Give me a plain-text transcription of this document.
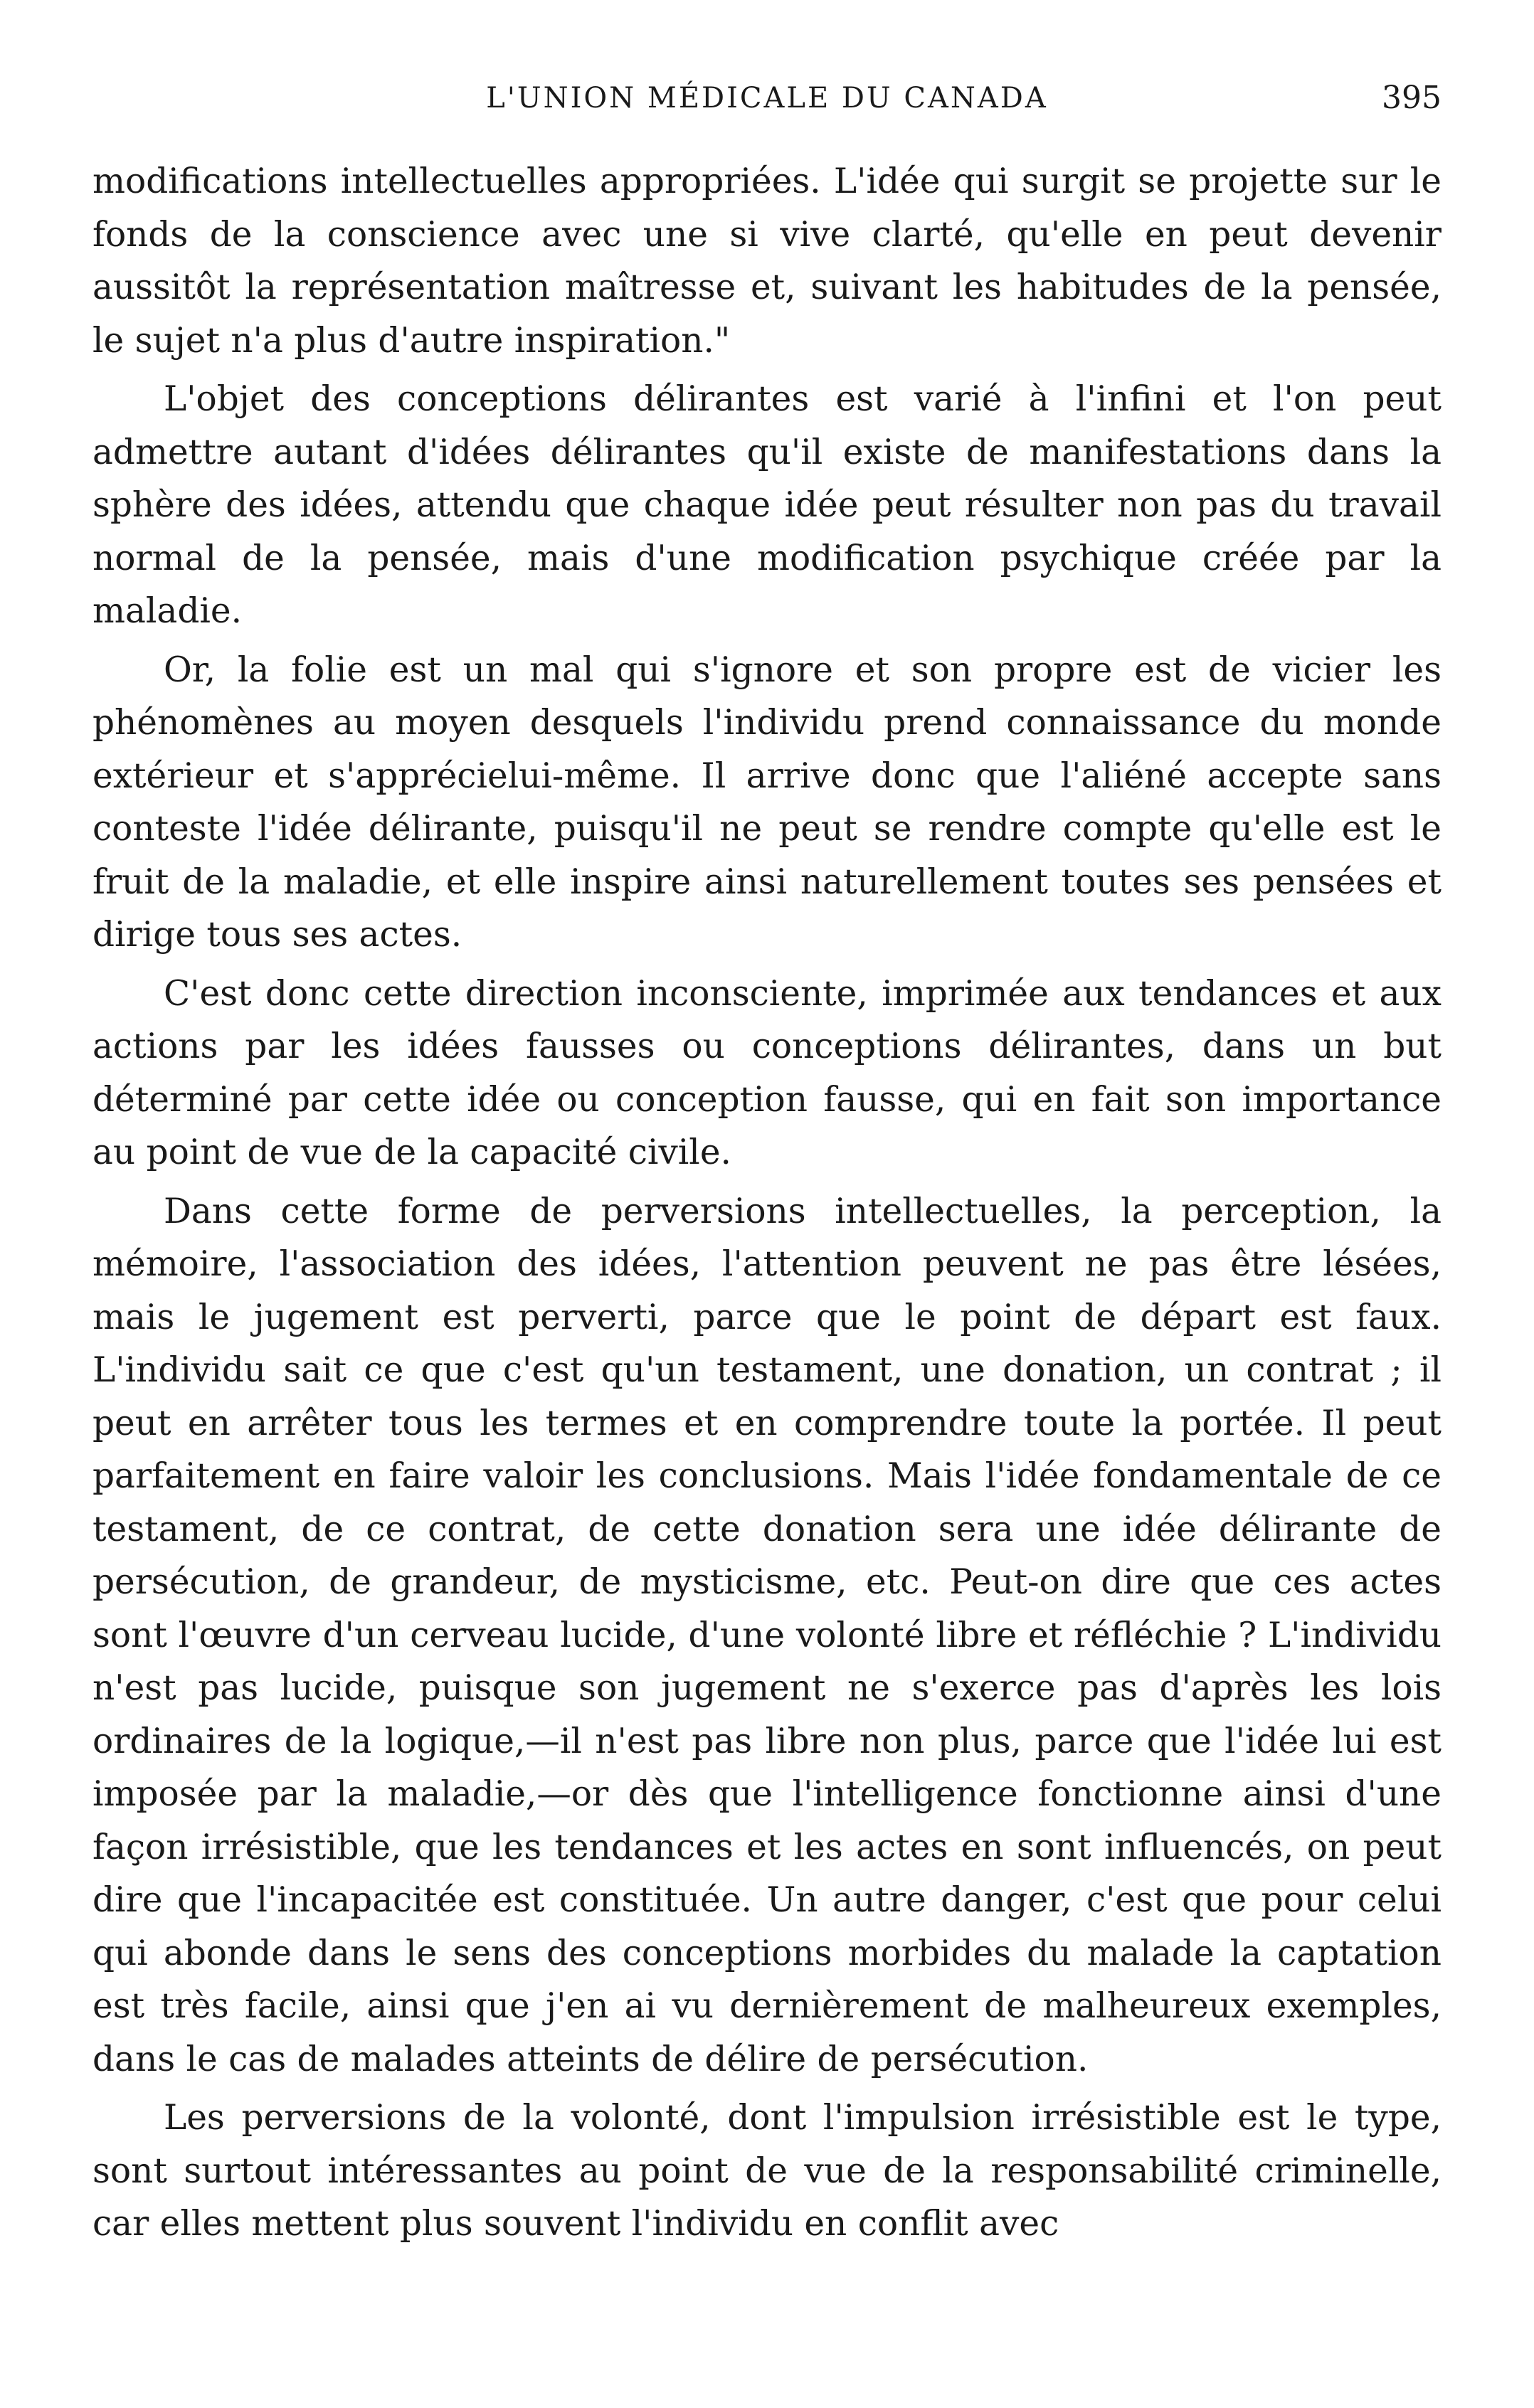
L'UNION MÉDICALE DU CANADA	395

modifications intellectuelles appropriées. L'idée qui surgit se projette sur le fonds de la conscience avec une si vive clarté, qu'elle en peut devenir aussitôt la représentation maîtresse et, suivant les habitudes de la pensée, le sujet n'a plus d'autre inspiration."

L'objet des conceptions délirantes est varié à l'infini et l'on peut admettre autant d'idées délirantes qu'il existe de manifestations dans la sphère des idées, attendu que chaque idée peut résulter non pas du travail normal de la pensée, mais d'une modification psychique créée par la maladie.

Or, la folie est un mal qui s'ignore et son propre est de vicier les phénomènes au moyen desquels l'individu prend connaissance du monde extérieur et s'apprécielui-même. Il arrive donc que l'aliéné accepte sans conteste l'idée délirante, puisqu'il ne peut se rendre compte qu'elle est le fruit de la maladie, et elle inspire ainsi naturellement toutes ses pensées et dirige tous ses actes.

C'est donc cette direction inconsciente, imprimée aux tendances et aux actions par les idées fausses ou conceptions délirantes, dans un but déterminé par cette idée ou conception fausse, qui en fait son importance au point de vue de la capacité civile.

Dans cette forme de perversions intellectuelles, la perception, la mémoire, l'association des idées, l'attention peuvent ne pas être lésées, mais le jugement est perverti, parce que le point de départ est faux. L'individu sait ce que c'est qu'un testament, une donation, un contrat ; il peut en arrêter tous les termes et en comprendre toute la portée. Il peut parfaitement en faire valoir les conclusions. Mais l'idée fondamentale de ce testament, de ce contrat, de cette donation sera une idée délirante de persécution, de grandeur, de mysticisme, etc. Peut-on dire que ces actes sont l'œuvre d'un cerveau lucide, d'une volonté libre et réfléchie ? L'individu n'est pas lucide, puisque son jugement ne s'exerce pas d'après les lois ordinaires de la logique,—il n'est pas libre non plus, parce que l'idée lui est imposée par la maladie,—or dès que l'intelligence fonctionne ainsi d'une façon irrésistible, que les tendances et les actes en sont influencés, on peut dire que l'incapacitée est constituée. Un autre danger, c'est que pour celui qui abonde dans le sens des conceptions morbides du malade la captation est très facile, ainsi que j'en ai vu dernièrement de malheureux exemples, dans le cas de malades atteints de délire de persécution.

Les perversions de la volonté, dont l'impulsion irrésistible est le type, sont surtout intéressantes au point de vue de la responsabilité criminelle, car elles mettent plus souvent l'individu en conflit avec
